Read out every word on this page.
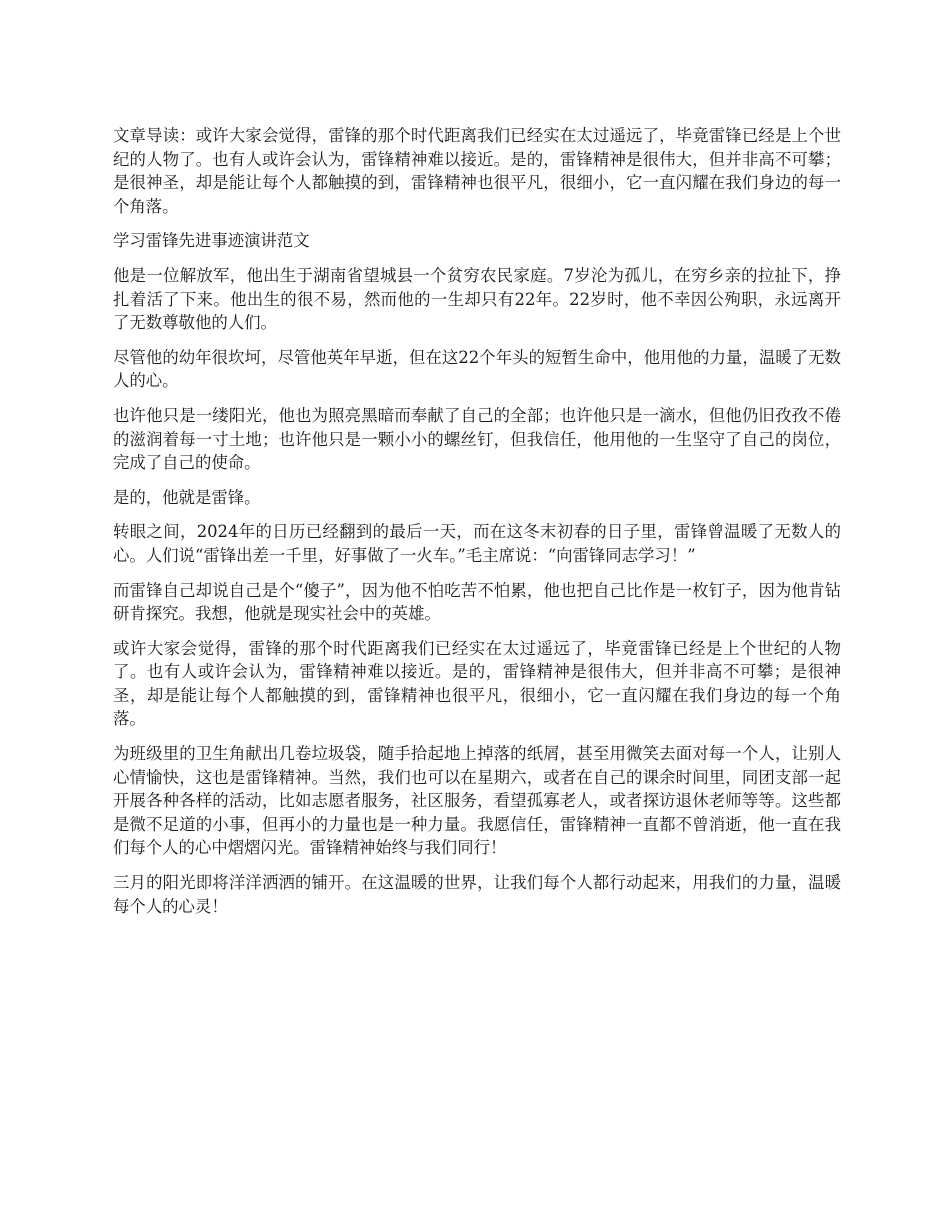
文章导读：或许大家会觉得，雷锋的那个时代距离我们已经实在太过遥远了，毕竟雷锋已经是上个世纪的人物了。也有人或许会认为，雷锋精神难以接近。是的，雷锋精神是很伟大，但并非高不可攀；是很神圣，却是能让每个人都触摸的到，雷锋精神也很平凡，很细小，它一直闪耀在我们身边的每一个角落。

学习雷锋先进事迹演讲范文

他是一位解放军，他出生于湖南省望城县一个贫穷农民家庭。7岁沦为孤儿，在穷乡亲的拉扯下，挣扎着活了下来。他出生的很不易，然而他的一生却只有22年。22岁时，他不幸因公殉职，永远离开了无数尊敬他的人们。

尽管他的幼年很坎坷，尽管他英年早逝，但在这22个年头的短暂生命中，他用他的力量，温暖了无数人的心。

也许他只是一缕阳光，他也为照亮黑暗而奉献了自己的全部；也许他只是一滴水，但他仍旧孜孜不倦的滋润着每一寸土地；也许他只是一颗小小的螺丝钉，但我信任，他用他的一生坚守了自己的岗位，完成了自己的使命。

是的，他就是雷锋。

转眼之间，2024年的日历已经翻到的最后一天，而在这冬末初春的日子里，雷锋曾温暖了无数人的心。人们说“雷锋出差一千里，好事做了一火车。”毛主席说：“向雷锋同志学习！”

而雷锋自己却说自己是个“傻子”，因为他不怕吃苦不怕累，他也把自己比作是一枚钉子，因为他肯钻研肯探究。我想，他就是现实社会中的英雄。

或许大家会觉得，雷锋的那个时代距离我们已经实在太过遥远了，毕竟雷锋已经是上个世纪的人物了。也有人或许会认为，雷锋精神难以接近。是的，雷锋精神是很伟大，但并非高不可攀；是很神圣，却是能让每个人都触摸的到，雷锋精神也很平凡，很细小，它一直闪耀在我们身边的每一个角落。

为班级里的卫生角献出几卷垃圾袋，随手拾起地上掉落的纸屑，甚至用微笑去面对每一个人，让别人心情愉快，这也是雷锋精神。当然，我们也可以在星期六，或者在自己的课余时间里，同团支部一起开展各种各样的活动，比如志愿者服务，社区服务，看望孤寡老人，或者探访退休老师等等。这些都是微不足道的小事，但再小的力量也是一种力量。我愿信任，雷锋精神一直都不曾消逝，他一直在我们每个人的心中熠熠闪光。雷锋精神始终与我们同行！

三月的阳光即将洋洋洒洒的铺开。在这温暖的世界，让我们每个人都行动起来，用我们的力量，温暖每个人的心灵！
